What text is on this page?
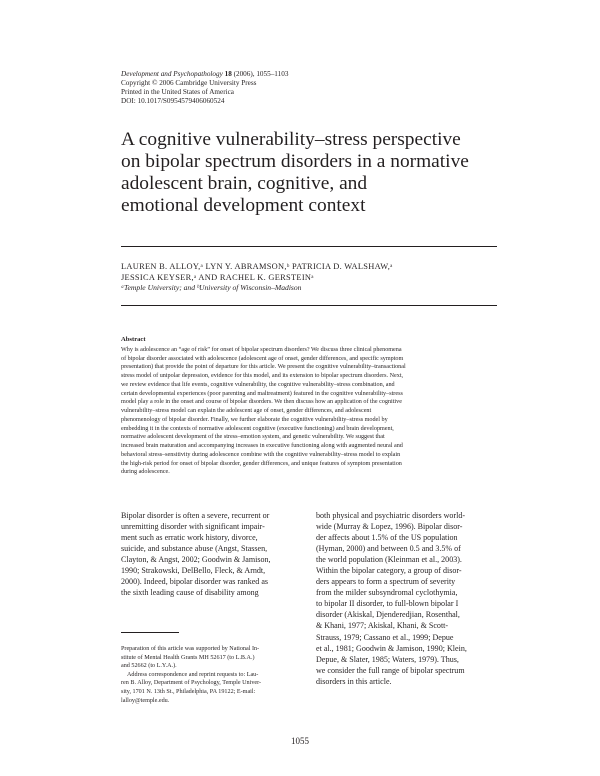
Development and Psychopathology 18 (2006), 1055–1103
Copyright © 2006 Cambridge University Press
Printed in the United States of America
DOI: 10.1017/S0954579406060524
A cognitive vulnerability–stress perspective
on bipolar spectrum disorders in a normative
adolescent brain, cognitive, and
emotional development context
LAUREN B. ALLOY,ᵃ LYN Y. ABRAMSON,ᵇ PATRICIA D. WALSHAW,ᵃ
JESSICA KEYSER,ᵃ AND RACHEL K. GERSTEINᵃ
ᵃTemple University; and ᵇUniversity of Wisconsin–Madison
Abstract
Why is adolescence an “age of risk” for onset of bipolar spectrum disorders? We discuss three clinical phenomena
of bipolar disorder associated with adolescence (adolescent age of onset, gender differences, and specific symptom
presentation) that provide the point of departure for this article. We present the cognitive vulnerability–transactional
stress model of unipolar depression, evidence for this model, and its extension to bipolar spectrum disorders. Next,
we review evidence that life events, cognitive vulnerability, the cognitive vulnerability–stress combination, and
certain developmental experiences (poor parenting and maltreatment) featured in the cognitive vulnerability–stress
model play a role in the onset and course of bipolar disorders. We then discuss how an application of the cognitive
vulnerability–stress model can explain the adolescent age of onset, gender differences, and adolescent
phenomenology of bipolar disorder. Finally, we further elaborate the cognitive vulnerability–stress model by
embedding it in the contexts of normative adolescent cognitive (executive functioning) and brain development,
normative adolescent development of the stress–emotion system, and genetic vulnerability. We suggest that
increased brain maturation and accompanying increases in executive functioning along with augmented neural and
behavioral stress–sensitivity during adolescence combine with the cognitive vulnerability–stress model to explain
the high-risk period for onset of bipolar disorder, gender differences, and unique features of symptom presentation
during adolescence.
Bipolar disorder is often a severe, recurrent or
unremitting disorder with significant impair-
ment such as erratic work history, divorce,
suicide, and substance abuse (Angst, Stassen,
Clayton, & Angst, 2002; Goodwin & Jamison,
1990; Strakowski, DelBello, Fleck, & Arndt,
2000). Indeed, bipolar disorder was ranked as
the sixth leading cause of disability among
both physical and psychiatric disorders world-
wide (Murray & Lopez, 1996). Bipolar disor-
der affects about 1.5% of the US population
(Hyman, 2000) and between 0.5 and 3.5% of
the world population (Kleinman et al., 2003).
Within the bipolar category, a group of disor-
ders appears to form a spectrum of severity
from the milder subsyndromal cyclothymia,
to bipolar II disorder, to full-blown bipolar I
disorder (Akiskal, Djenderedjian, Rosenthal,
& Khani, 1977; Akiskal, Khani, & Scott-
Strauss, 1979; Cassano et al., 1999; Depue
et al., 1981; Goodwin & Jamison, 1990; Klein,
Depue, & Slater, 1985; Waters, 1979). Thus,
we consider the full range of bipolar spectrum
disorders in this article.
Preparation of this article was supported by National In-
stitute of Mental Health Grants MH 52617 (to L.B.A.)
and 52662 (to L.Y.A.).
Address correspondence and reprint requests to: Lau-
ren B. Alloy, Department of Psychology, Temple Univer-
sity, 1701 N. 13th St., Philadelphia, PA 19122; E-mail:
lalloy@temple.edu.
1055
